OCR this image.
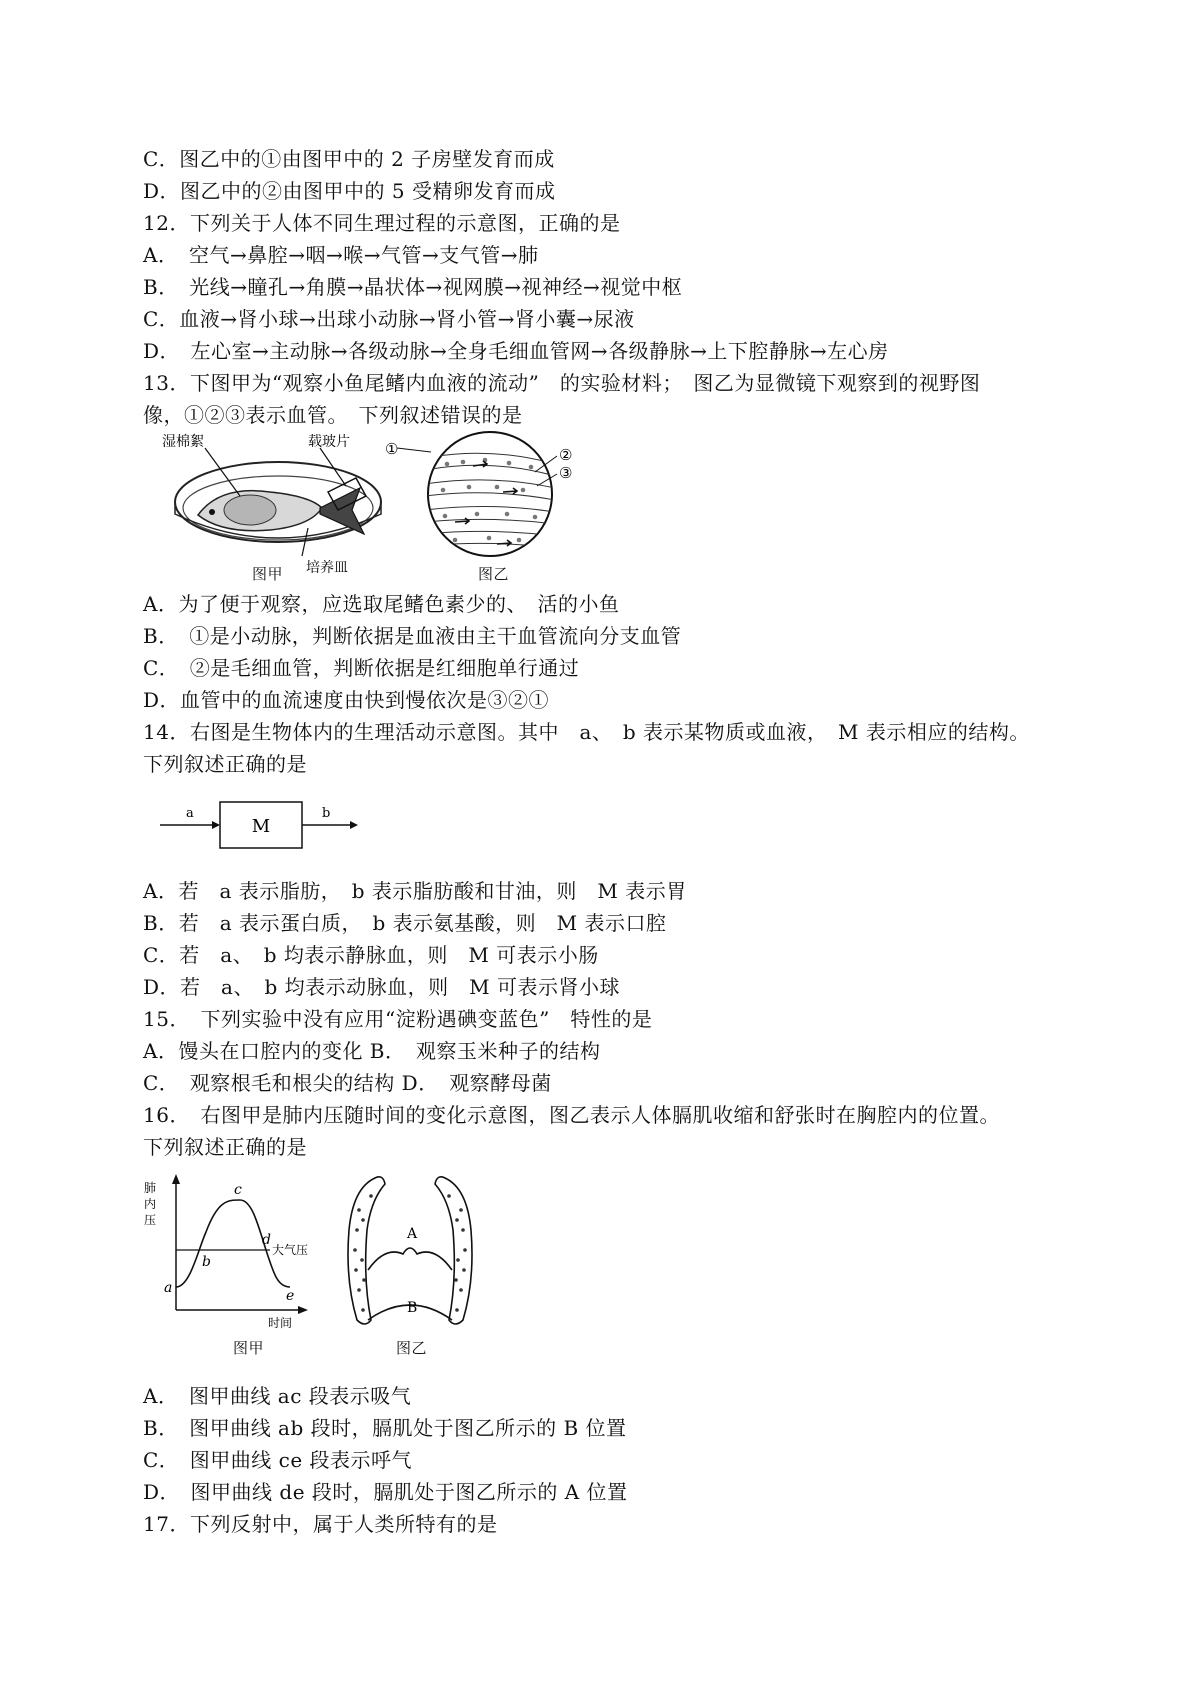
C．图乙中的①由图甲中的 2 子房壁发育而成
D．图乙中的②由图甲中的 5 受精卵发育而成
12．下列关于人体不同生理过程的示意图，正确的是
A．　空气→鼻腔→咽→喉→气管→支气管→肺
B．　光线→瞳孔→角膜→晶状体→视网膜→视神经→视觉中枢
C．血液→肾小球→出球小动脉→肾小管→肾小囊→尿液
D．　左心室→主动脉→各级动脉→全身毛细血管网→各级静脉→上下腔静脉→左心房
13．下图甲为“观察小鱼尾鳍内血液的流动”　的实验材料；　图乙为显微镜下观察到的视野图
像，①②③表示血管。　下列叙述错误的是
湿棉絮	载玻片
培养皿
图甲
①	②
③
图乙
A．为了便于观察，应选取尾鳍色素少的、　活的小鱼
B．　①是小动脉，判断依据是血液由主干血管流向分支血管
C．　②是毛细血管，判断依据是红细胞单行通过
D．血管中的血流速度由快到慢依次是③②①
14．右图是生物体内的生理活动示意图。其中　a、　b 表示某物质或血液，　M 表示相应的结构。
下列叙述正确的是
a
M
b
A．若　a 表示脂肪，　b 表示脂肪酸和甘油，则　M 表示胃
B．若　a 表示蛋白质，　b 表示氨基酸，则　M 表示口腔
C．若　a、　b 均表示静脉血，则　M 可表示小肠
D．若　a、　b 均表示动脉血，则　M 可表示肾小球
15．　下列实验中没有应用“淀粉遇碘变蓝色”　特性的是
A．馒头在口腔内的变化 B．　观察玉米种子的结构
C．　观察根毛和根尖的结构 D．　观察酵母菌
16．　右图甲是肺内压随时间的变化示意图，图乙表示人体膈肌收缩和舒张时在胸腔内的位置。
下列叙述正确的是
肺
内
压
大气压
时间
a
b
c
d
e
图甲
A
B
图乙
A．　图甲曲线 ac 段表示吸气
B．　图甲曲线 ab 段时，膈肌处于图乙所示的 B 位置
C．　图甲曲线 ce 段表示呼气
D．　图甲曲线 de 段时，膈肌处于图乙所示的 A 位置
17．下列反射中，属于人类所特有的是
